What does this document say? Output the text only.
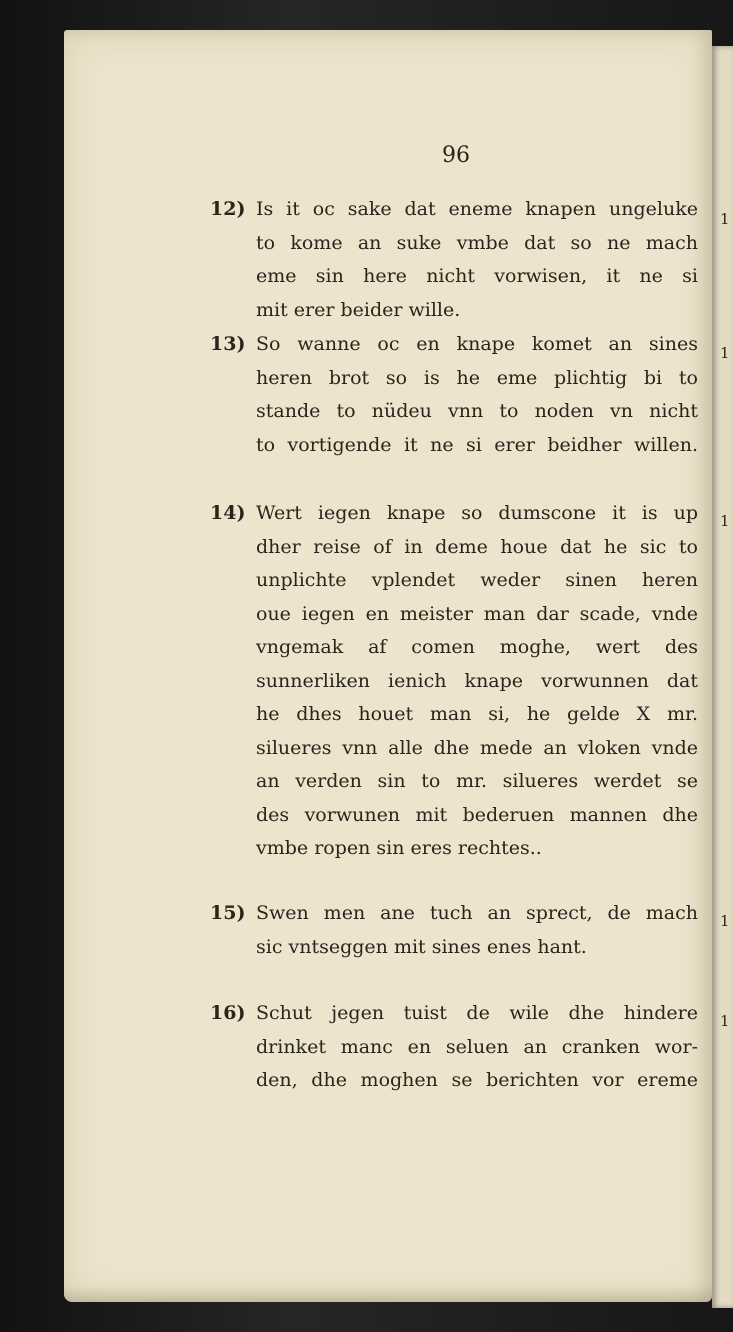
1
1
1
1
1
96
12) Is it oc sake dat eneme knapen ungeluke
to kome an suke vmbe dat so ne mach
eme sin here nicht vorwisen, it ne si
mit erer beider wille.
13) So wanne oc en knape komet an sines
heren brot so is he eme plichtig bi to
stande to nüdeu vnn to noden vn nicht
to vortigende it ne si erer beidher willen.
14) Wert iegen knape so dumscone it is up
dher reise of in deme houe dat he sic to
unplichte vplendet weder sinen heren
oue iegen en meister man dar scade, vnde
vngemak af comen moghe, wert des
sunnerliken ienich knape vorwunnen dat
he dhes houet man si, he gelde X mr.
silueres vnn alle dhe mede an vloken vnde
an verden sin to mr. silueres werdet se
des vorwunen mit bederuen mannen dhe
vmbe ropen sin eres rechtes..
15) Swen men ane tuch an sprect, de mach
sic vntseggen mit sines enes hant.
16) Schut jegen tuist de wile dhe hindere
drinket manc en seluen an cranken wor-
den, dhe moghen se berichten vor ereme
